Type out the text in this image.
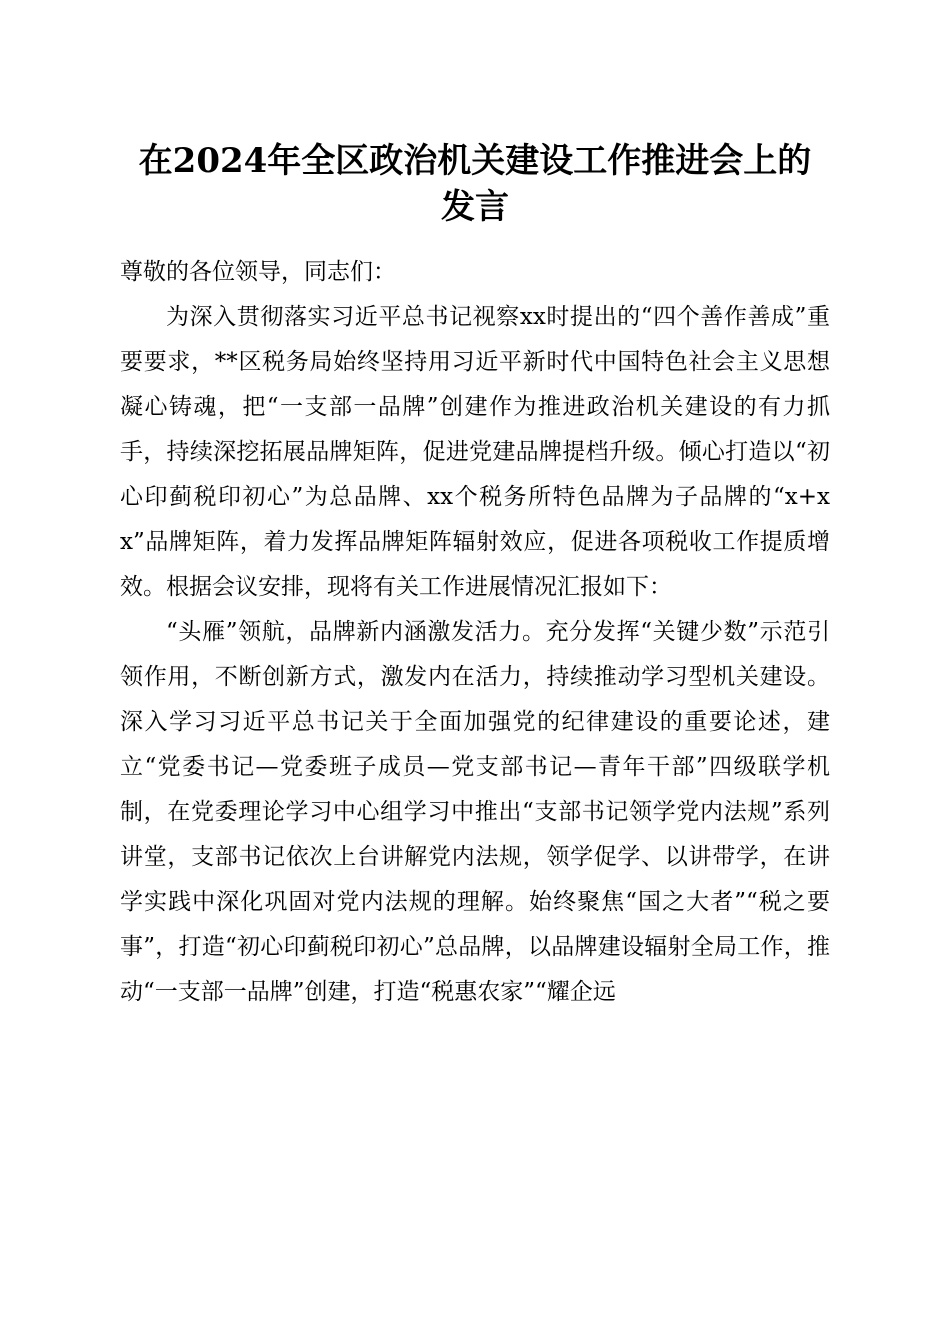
在2024年全区政治机关建设工作推进会上的
发言

尊敬的各位领导，同志们：

为深入贯彻落实习近平总书记视察xx时提出的“四个善作善成”重要要求，**区税务局始终坚持用习近平新时代中国特色社会主义思想凝心铸魂，把“一支部一品牌”创建作为推进政治机关建设的有力抓手，持续深挖拓展品牌矩阵，促进党建品牌提档升级。倾心打造以“初心印蓟税印初心”为总品牌、xx个税务所特色品牌为子品牌的“x+xx”品牌矩阵，着力发挥品牌矩阵辐射效应，促进各项税收工作提质增效。根据会议安排，现将有关工作进展情况汇报如下：

“头雁”领航，品牌新内涵激发活力。充分发挥“关键少数”示范引领作用，不断创新方式，激发内在活力，持续推动学习型机关建设。深入学习习近平总书记关于全面加强党的纪律建设的重要论述，建立“党委书记—党委班子成员—党支部书记—青年干部”四级联学机制，在党委理论学习中心组学习中推出“支部书记领学党内法规”系列讲堂，支部书记依次上台讲解党内法规，领学促学、以讲带学，在讲学实践中深化巩固对党内法规的理解。始终聚焦“国之大者”“税之要事”，打造“初心印蓟税印初心”总品牌，以品牌建设辐射全局工作，推动“一支部一品牌”创建，打造“税惠农家”“耀企远
